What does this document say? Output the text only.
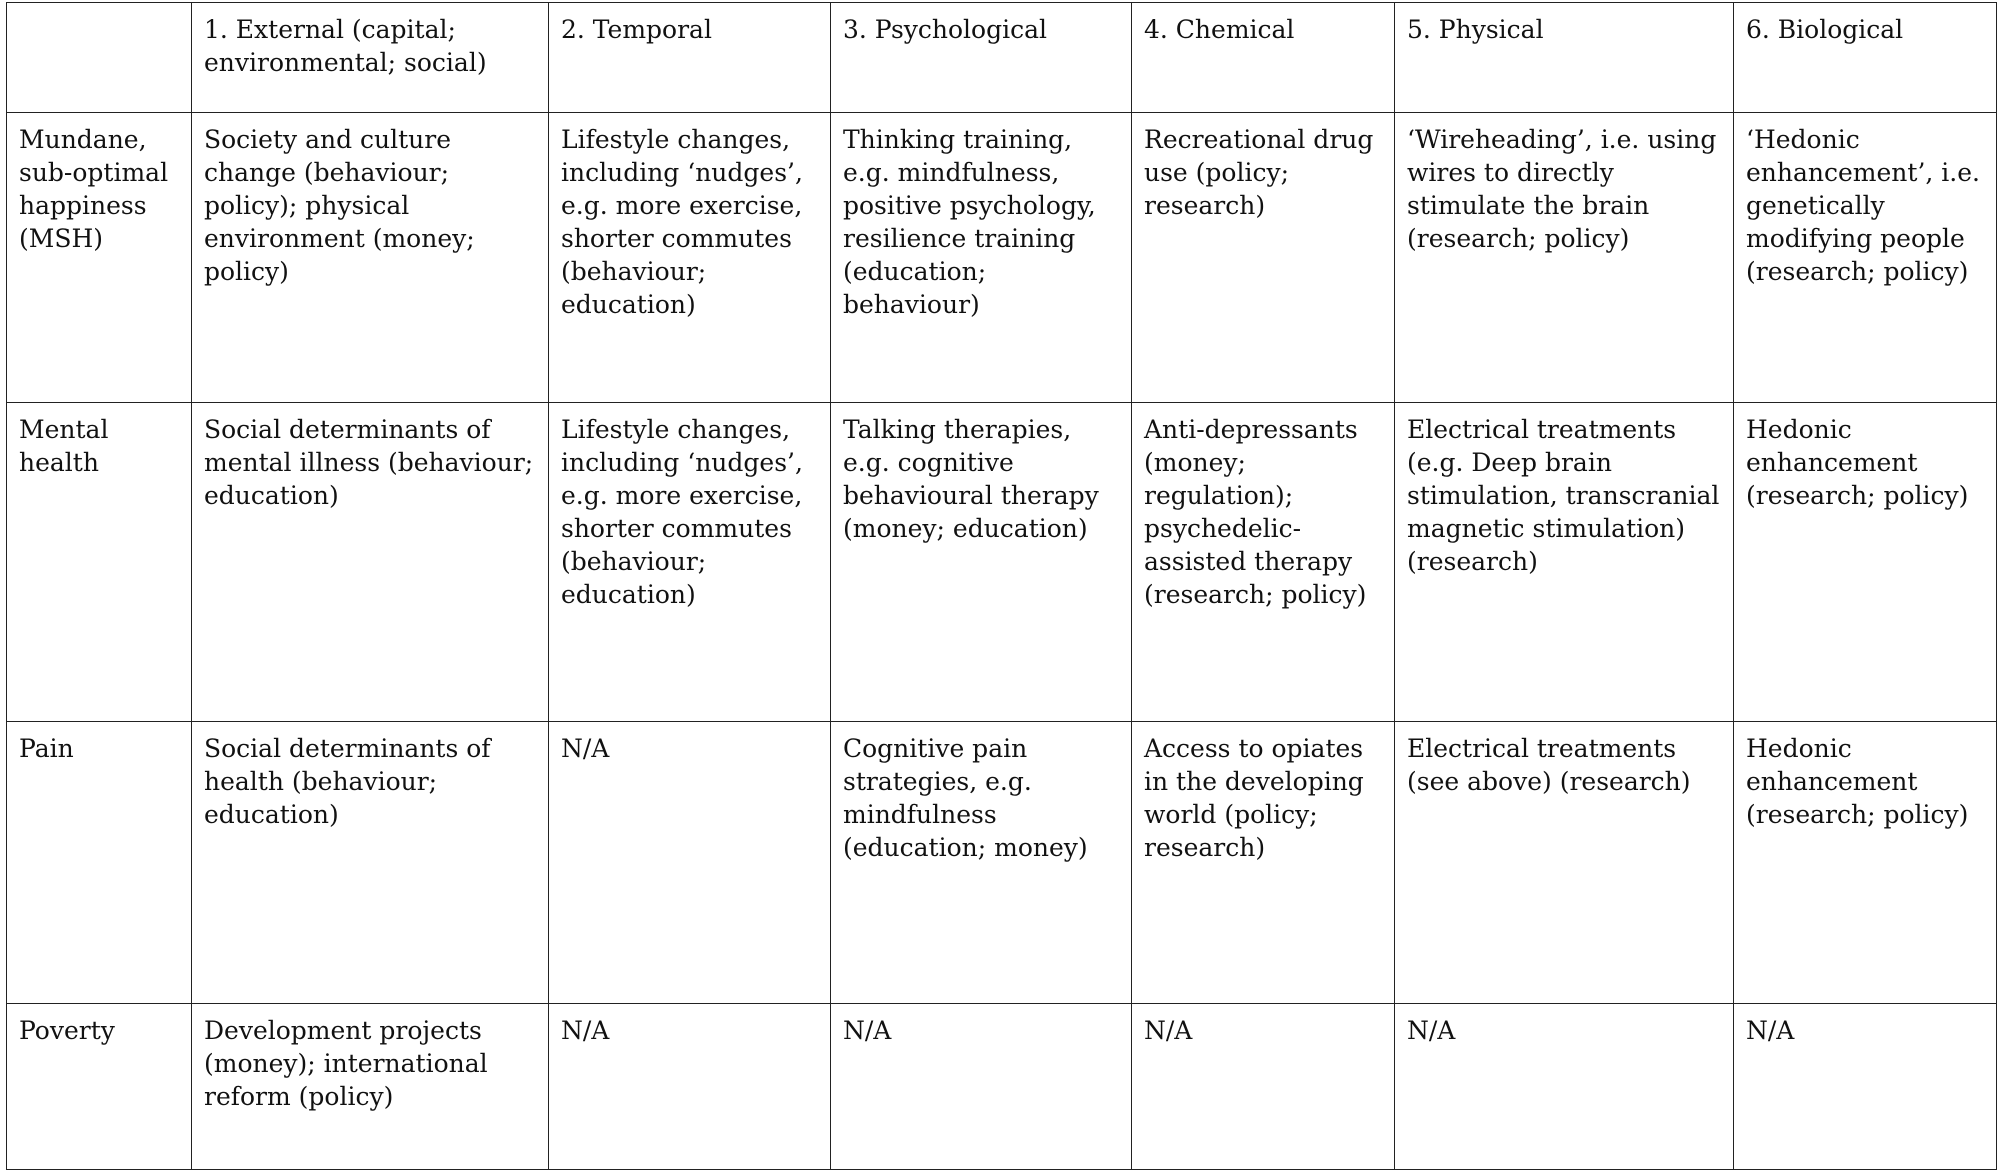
	1. External (capital; environmental; social)	2. Temporal	3. Psychological	4. Chemical	5. Physical	6. Biological
Mundane, sub-optimal happiness (MSH)	Society and culture change (behaviour; policy); physical environment (money; policy)	Lifestyle changes, including ‘nudges’, e.g. more exercise, shorter commutes (behaviour; education)	Thinking training, e.g. mindfulness, positive psychology, resilience training (education; behaviour)	Recreational drug use (policy; research)	‘Wireheading’, i.e. using wires to directly stimulate the brain (research; policy)	‘Hedonic enhancement’, i.e. genetically modifying people (research; policy)
Mental health	Social determinants of mental illness (behaviour; education)	Lifestyle changes, including ‘nudges’, e.g. more exercise, shorter commutes (behaviour; education)	Talking therapies, e.g. cognitive behavioural therapy (money; education)	Anti-depressants (money; regulation); psychedelic-assisted therapy (research; policy)	Electrical treatments (e.g. Deep brain stimulation, transcranial magnetic stimulation) (research)	Hedonic enhancement (research; policy)
Pain	Social determinants of health (behaviour; education)	N/A	Cognitive pain strategies, e.g. mindfulness (education; money)	Access to opiates in the developing world (policy; research)	Electrical treatments (see above) (research)	Hedonic enhancement (research; policy)
Poverty	Development projects (money); international reform (policy)	N/A	N/A	N/A	N/A	N/A
